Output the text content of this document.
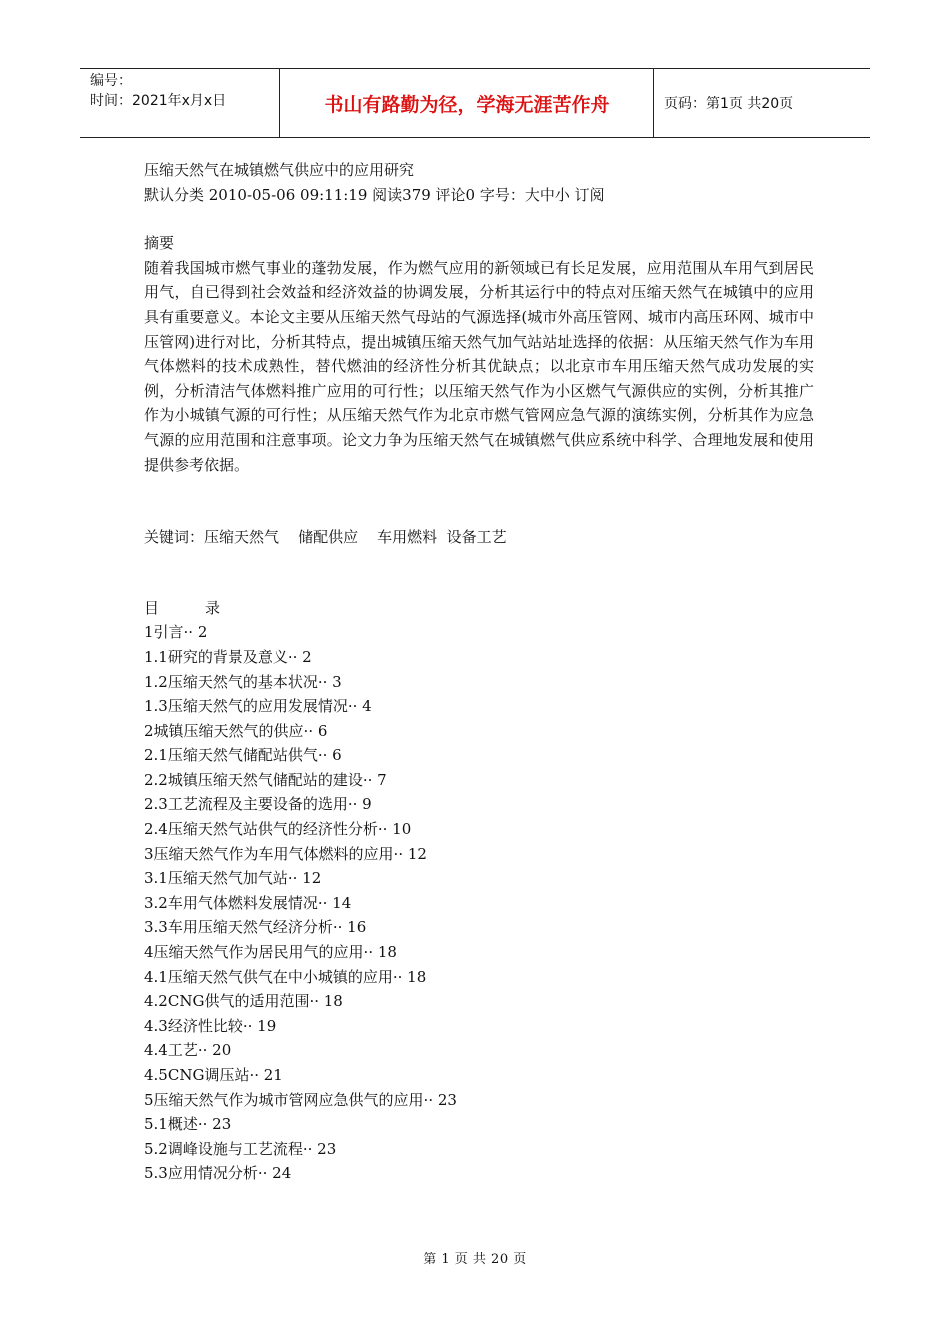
编号：
时间：2021年x月x日	书山有路勤为径，学海无涯苦作舟	页码：第1页 共20页

压缩天然气在城镇燃气供应中的应用研究

默认分类 2010-05-06 09:11:19 阅读379 评论0 字号：大中小 订阅

摘要

随着我国城市燃气事业的蓬勃发展，作为燃气应用的新领域已有长足发展，应用范围从车用气到居民用气，自已得到社会效益和经济效益的协调发展，分析其运行中的特点对压缩天然气在城镇中的应用具有重要意义。本论文主要从压缩天然气母站的气源选择(城市外高压管网、城市内高压环网、城市中压管网)进行对比，分析其特点，提出城镇压缩天然气加气站站址选择的依据：从压缩天然气作为车用气体燃料的技术成熟性，替代燃油的经济性分析其优缺点；以北京市车用压缩天然气成功发展的实例，分析清洁气体燃料推广应用的可行性；以压缩天然气作为小区燃气气源供应的实例，分析其推广作为小城镇气源的可行性；从压缩天然气作为北京市燃气管网应急气源的演练实例，分析其作为应急气源的应用范围和注意事项。论文力争为压缩天然气在城镇燃气供应系统中科学、合理地发展和使用提供参考依据。

关键词：压缩天然气    储配供应    车用燃料  设备工艺

目	录

1引言·· 2

1.1研究的背景及意义·· 2

1.2压缩天然气的基本状况·· 3

1.3压缩天然气的应用发展情况·· 4

2城镇压缩天然气的供应·· 6

2.1压缩天然气储配站供气·· 6

2.2城镇压缩天然气储配站的建设·· 7

2.3工艺流程及主要设备的选用·· 9

2.4压缩天然气站供气的经济性分析·· 10

3压缩天然气作为车用气体燃料的应用·· 12

3.1压缩天然气加气站·· 12

3.2车用气体燃料发展情况·· 14

3.3车用压缩天然气经济分析·· 16

4压缩天然气作为居民用气的应用·· 18

4.1压缩天然气供气在中小城镇的应用·· 18

4.2CNG供气的适用范围·· 18

4.3经济性比较·· 19

4.4工艺·· 20

4.5CNG调压站·· 21

5压缩天然气作为城市管网应急供气的应用·· 23

5.1概述·· 23

5.2调峰设施与工艺流程·· 23

5.3应用情况分析·· 24

第 1 页 共 20 页
